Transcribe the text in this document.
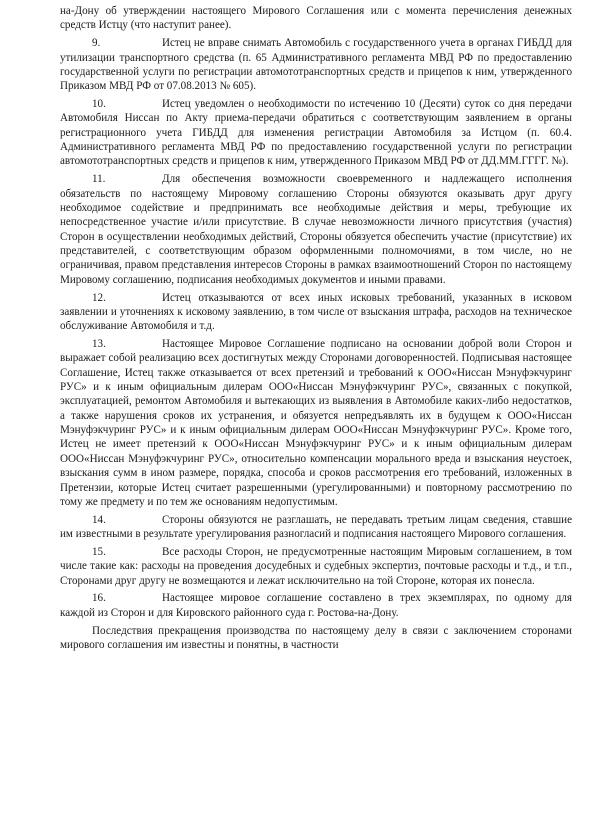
на-Дону об утверждении настоящего Мирового Соглашения или с момента перечисления денежных средств Истцу (что наступит ранее).

9.	Истец не вправе снимать Автомобиль с государственного учета в органах ГИБДД для утилизации транспортного средства (п. 65 Административного регламента МВД РФ по предоставлению государственной услуги по регистрации автомототранспортных средств и прицепов к ним, утвержденного Приказом МВД РФ от 07.08.2013 № 605).

10.	Истец уведомлен о необходимости по истечению 10 (Десяти) суток со дня передачи Автомобиля Ниссан по Акту приема-передачи обратиться с соответствующим заявлением в органы регистрационного учета ГИБДД для изменения регистрации Автомобиля за Истцом (п. 60.4. Административного регламента МВД РФ по предоставлению государственной услуги по регистрации автомототранспортных средств и прицепов к ним, утвержденного Приказом МВД РФ от ДД.ММ.ГГГГ. №).

11.	Для обеспечения возможности своевременного и надлежащего исполнения обязательств по настоящему Мировому соглашению Стороны обязуются оказывать друг другу необходимое содействие и предпринимать все необходимые действия и меры, требующие их непосредственное участие и/или присутствие. В случае невозможности личного присутствия (участия) Сторон в осуществлении необходимых действий, Стороны обязуется обеспечить участие (присутствие) их представителей, с соответствующим образом оформленными полномочиями, в том числе, но не ограничивая, правом представления интересов Стороны в рамках взаимоотношений Сторон по настоящему Мировому соглашению, подписания необходимых документов и иными правами.

12.	Истец отказываются от всех иных исковых требований, указанных в исковом заявлении и уточнениях к исковому заявлению, в том числе от взыскания штрафа, расходов на техническое обслуживание Автомобиля и т.д.

13.	Настоящее Мировое Соглашение подписано на основании доброй воли Сторон и выражает собой реализацию всех достигнутых между Сторонами договоренностей. Подписывая настоящее Соглашение, Истец также отказывается от всех претензий и требований к ООО«Ниссан Мэнуфэкчуринг РУС» и к иным официальным дилерам ООО«Ниссан Мэнуфэкчуринг РУС», связанных с покупкой, эксплуатацией, ремонтом Автомобиля и вытекающих из выявления в Автомобиле каких-либо недостатков, а также нарушения сроков их устранения, и обязуется непредъявлять их в будущем к ООО«Ниссан Мэнуфэкчуринг РУС» и к иным официальным дилерам ООО«Ниссан Мэнуфэкчуринг РУС». Кроме того, Истец не имеет претензий к ООО«Ниссан Мэнуфэкчуринг РУС» и к иным официальным дилерам ООО«Ниссан Мэнуфэкчуринг РУС», относительно компенсации морального вреда и взыскания неустоек, взыскания сумм в ином размере, порядка, способа и сроков рассмотрения его требований, изложенных в Претензии, которые Истец считает разрешенными (урегулированными) и повторному рассмотрению по тому же предмету и по тем же основаниям недопустимым.

14.	Стороны обязуются не разглашать, не передавать третьим лицам сведения, ставшие им известными в результате урегулирования разногласий и подписания настоящего Мирового соглашения.

15.	Все расходы Сторон, не предусмотренные настоящим Мировым соглашением, в том числе такие как: расходы на проведения досудебных и судебных экспертиз, почтовые расходы и т.д., и т.п., Сторонами друг другу не возмещаются и лежат исключительно на той Стороне, которая их понесла.

16.	Настоящее мировое соглашение составлено в трех экземплярах, по одному для каждой из Сторон и для Кировского районного суда г. Ростова-на-Дону.

Последствия прекращения производства по настоящему делу в связи с заключением сторонами мирового соглашения им известны и понятны, в частности
